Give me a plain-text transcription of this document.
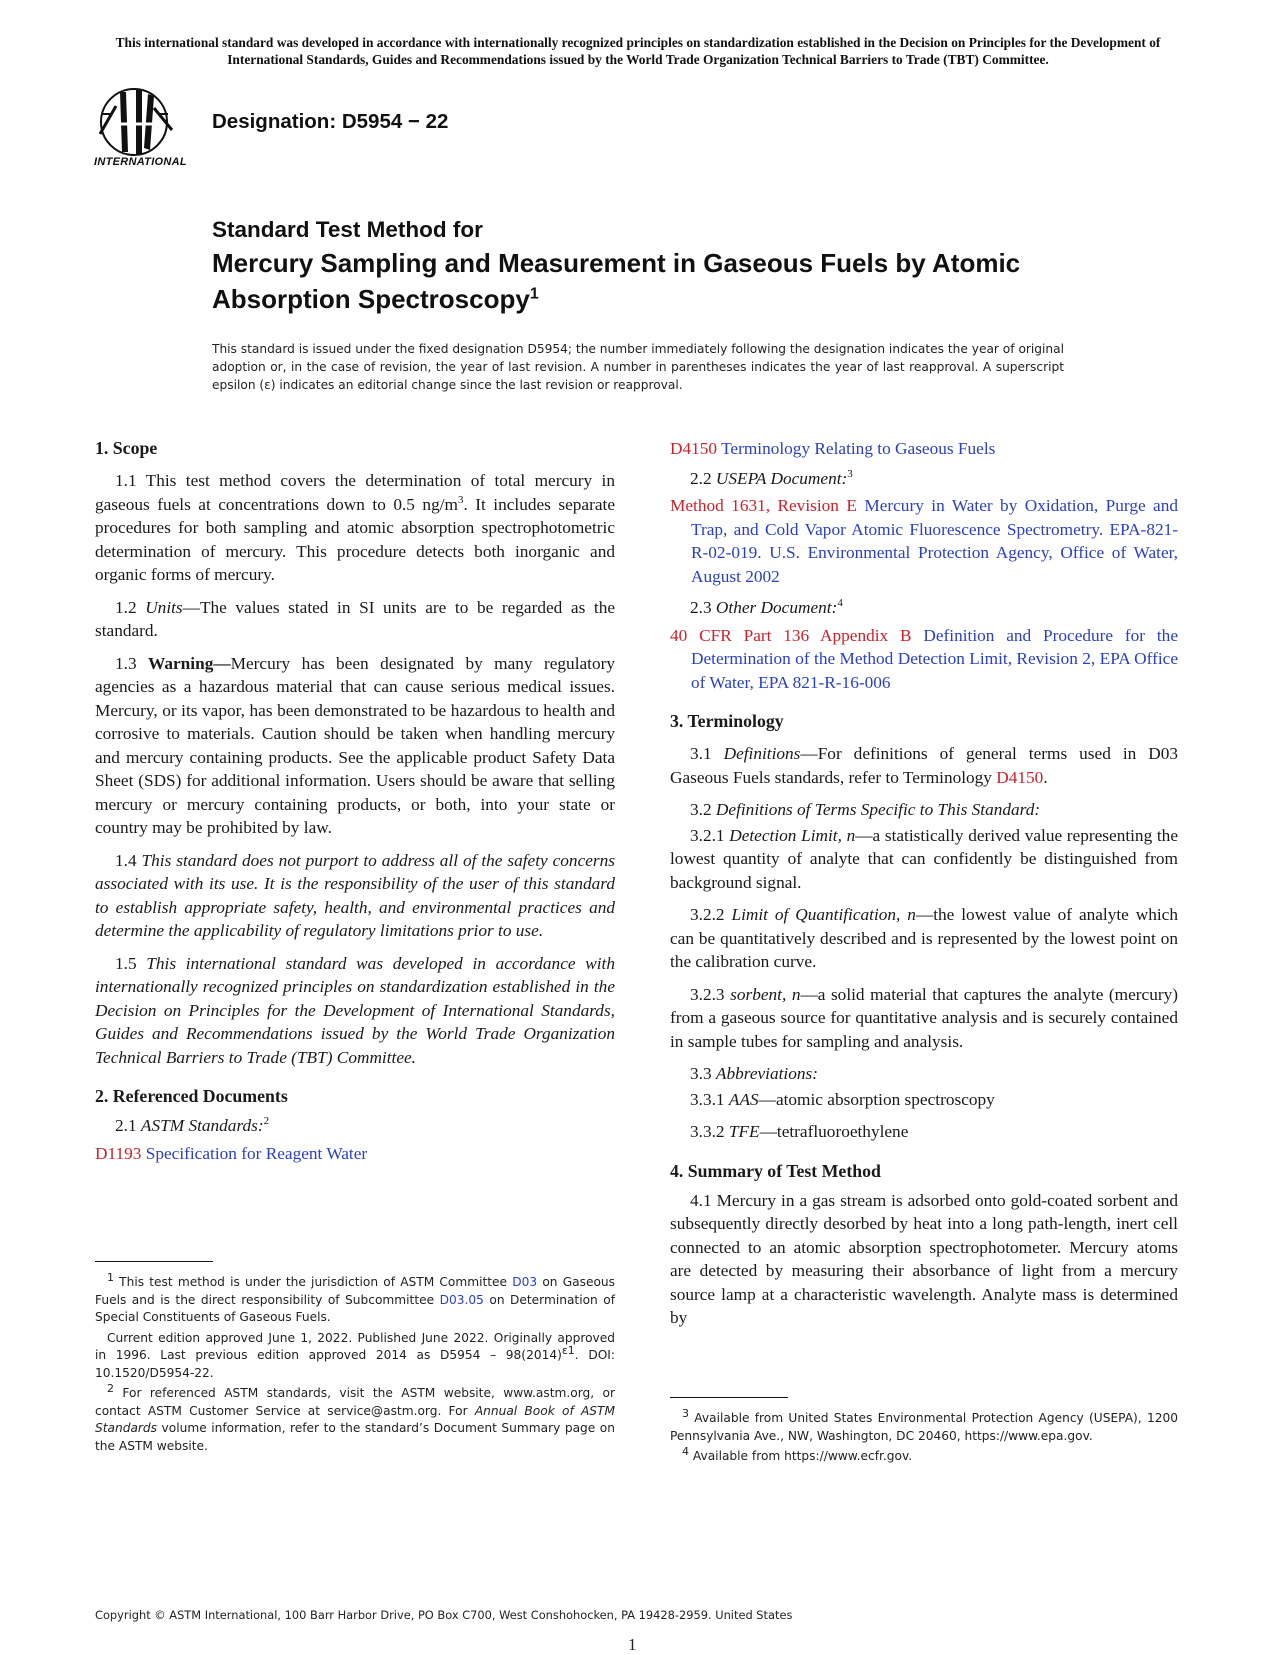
This international standard was developed in accordance with internationally recognized principles on standardization established in the Decision on Principles for the Development of International Standards, Guides and Recommendations issued by the World Trade Organization Technical Barriers to Trade (TBT) Committee.
INTERNATIONAL
Designation: D5954 − 22
Standard Test Method for
Mercury Sampling and Measurement in Gaseous Fuels by Atomic Absorption Spectroscopy$^1$
This standard is issued under the fixed designation D5954; the number immediately following the designation indicates the year of original adoption or, in the case of revision, the year of last revision. A number in parentheses indicates the year of last reapproval. A superscript epsilon (ε) indicates an editorial change since the last revision or reapproval.
1. Scope

1.1 This test method covers the determination of total mercury in gaseous fuels at concentrations down to 0.5 $ng/m^3$. It includes separate procedures for both sampling and atomic absorption spectrophotometric determination of mercury. This procedure detects both inorganic and organic forms of mercury.

1.2 Units—The values stated in SI units are to be regarded as the standard.

1.3 Warning—Mercury has been designated by many regulatory agencies as a hazardous material that can cause serious medical issues. Mercury, or its vapor, has been demonstrated to be hazardous to health and corrosive to materials. Caution should be taken when handling mercury and mercury containing products. See the applicable product Safety Data Sheet (SDS) for additional information. Users should be aware that selling mercury or mercury containing products, or both, into your state or country may be prohibited by law.

1.4 This standard does not purport to address all of the safety concerns associated with its use. It is the responsibility of the user of this standard to establish appropriate safety, health, and environmental practices and determine the applicability of regulatory limitations prior to use.

1.5 This international standard was developed in accordance with internationally recognized principles on standardization established in the Decision on Principles for the Development of International Standards, Guides and Recommendations issued by the World Trade Organization Technical Barriers to Trade (TBT) Committee.

2. Referenced Documents

2.1 ASTM Standards:$^2$

D1193 Specification for Reagent Water

$^1$ This test method is under the jurisdiction of ASTM Committee D03 on Gaseous Fuels and is the direct responsibility of Subcommittee D03.05 on Determination of Special Constituents of Gaseous Fuels.

Current edition approved June 1, 2022. Published June 2022. Originally approved in 1996. Last previous edition approved 2014 as $D5954 - 98(2014)^{\varepsilon 1}$. DOI: 10.1520/D5954-22.

$^2$ For referenced ASTM standards, visit the ASTM website, www.astm.org, or contact ASTM Customer Service at service@astm.org. For Annual Book of ASTM Standards volume information, refer to the standard’s Document Summary page on the ASTM website.

D4150 Terminology Relating to Gaseous Fuels

2.2 USEPA Document:$^3$

Method 1631, Revision E Mercury in Water by Oxidation, Purge and Trap, and Cold Vapor Atomic Fluorescence Spectrometry. EPA-821-R-02-019. U.S. Environmental Protection Agency, Office of Water, August 2002

2.3 Other Document:$^4$

40 CFR Part 136 Appendix B Definition and Procedure for the Determination of the Method Detection Limit, Revision 2, EPA Office of Water, EPA 821-R-16-006
3. Terminology

3.1 Definitions—For definitions of general terms used in D03 Gaseous Fuels standards, refer to Terminology D4150.

3.2 Definitions of Terms Specific to This Standard:

3.2.1 Detection Limit, n—a statistically derived value representing the lowest quantity of analyte that can confidently be distinguished from background signal.

3.2.2 Limit of Quantification, n—the lowest value of analyte which can be quantitatively described and is represented by the lowest point on the calibration curve.

3.2.3 sorbent, n—a solid material that captures the analyte (mercury) from a gaseous source for quantitative analysis and is securely contained in sample tubes for sampling and analysis.

3.3 Abbreviations:

3.3.1 AAS—atomic absorption spectroscopy

3.3.2 TFE—tetrafluoroethylene

4. Summary of Test Method

4.1 Mercury in a gas stream is adsorbed onto gold-coated sorbent and subsequently directly desorbed by heat into a long path-length, inert cell connected to an atomic absorption spectrophotometer. Mercury atoms are detected by measuring their absorbance of light from a mercury source lamp at a characteristic wavelength. Analyte mass is determined by

$^3$ Available from United States Environmental Protection Agency (USEPA), 1200 Pennsylvania Ave., NW, Washington, DC 20460, https://www.epa.gov.

$^4$ Available from https://www.ecfr.gov.

Copyright © ASTM International, 100 Barr Harbor Drive, PO Box C700, West Conshohocken, PA 19428-2959. United States
1
